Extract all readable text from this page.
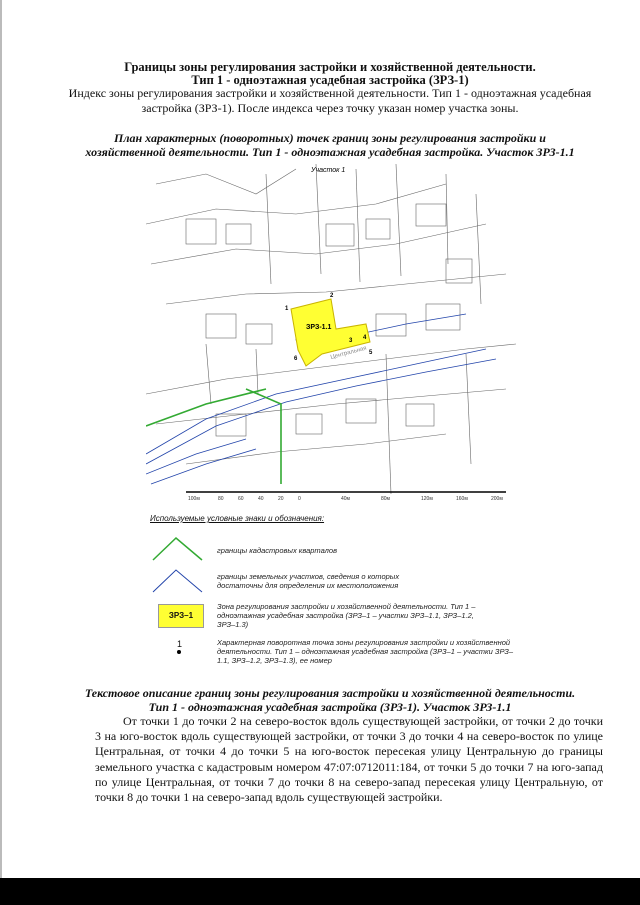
Границы зоны регулирования застройки и хозяйственной деятельности.
Тип 1 - одноэтажная усадебная застройка (ЗРЗ-1)
Индекс зоны регулирования застройки и хозяйственной деятельности. Тип 1 - одноэтажная усадебная застройка (ЗРЗ-1). После индекса через точку указан номер участка зоны.
План характерных (поворотных) точек границ зоны регулирования застройки и
хозяйственной деятельности. Тип 1 - одноэтажная усадебная застройка. Участок ЗРЗ-1.1
ЗРЗ-1.1
Центральная
Участок 1
1
2
3 4
5
6
100м	80	60	40	20	0	40м	80м	120м	160м	200м
Используемые условные знаки и обозначения:
границы кадастровых кварталов
границы земельных участков, сведения о которых достаточны для определения их местоположения
ЗРЗ–1
Зона регулирования застройки и хозяйственной деятельности. Тип 1 – одноэтажная усадебная застройка (ЗРЗ–1 – участки ЗРЗ–1.1, ЗРЗ–1.2, ЗРЗ–1.3)
1	Характерная поворотная точка зоны регулирования застройки и хозяйственной деятельности. Тип 1 – одноэтажная усадебная застройка (ЗРЗ–1 – участки ЗРЗ–1.1, ЗРЗ–1.2, ЗРЗ–1.3), ее номер
Текстовое описание границ зоны регулирования застройки и хозяйственной деятельности.
Тип 1 - одноэтажная усадебная застройка (ЗРЗ-1). Участок ЗРЗ-1.1
От точки 1 до точки 2 на северо-восток вдоль существующей застройки, от точки 2 до точки 3 на юго-восток вдоль существующей застройки, от точки 3 до точки 4 на северо-восток по улице Центральная, от точки 4 до точки 5 на юго-восток пересекая улицу Центральную до границы земельного участка с кадастровым номером 47:07:0712011:184, от точки 5 до точки 7 на юго-запад по улице Центральная, от точки 7 до точки 8 на северо-запад пересекая улицу Центральную, от точки 8 до точки 1 на северо-запад вдоль существующей застройки.
